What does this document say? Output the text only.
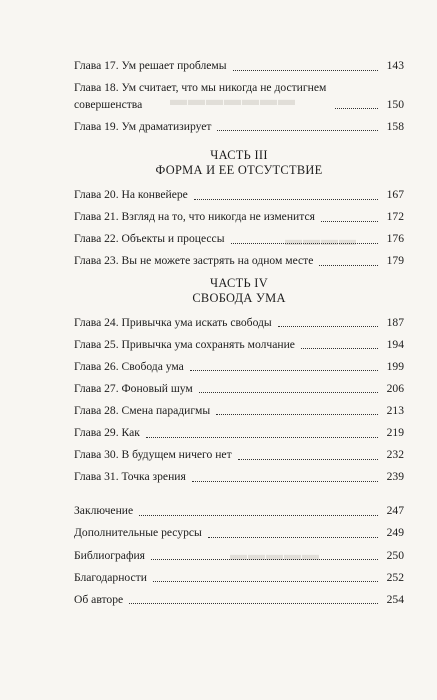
▬▬▬▬▬▬▬
▬▬▬▬
▬▬▬▬▬
Глава 17. Ум решает проблемы	143
Глава 18. Ум считает, что мы никогда не достигнем совершенства	150
Глава 19. Ум драматизирует	158
ЧАСТЬ III
ФОРМА И ЕЕ ОТСУТСТВИЕ
Глава 20. На конвейере	167
Глава 21. Взгляд на то, что никогда не изменится	172
Глава 22. Объекты и процессы	176
Глава 23. Вы не можете застрять на одном месте	179
ЧАСТЬ IV
СВОБОДА УМА
Глава 24. Привычка ума искать свободы	187
Глава 25. Привычка ума сохранять молчание	194
Глава 26. Свобода ума	199
Глава 27. Фоновый шум	206
Глава 28. Смена парадигмы	213
Глава 29. Как	219
Глава 30. В будущем ничего нет	232
Глава 31. Точка зрения	239
Заключение	247
Дополнительные ресурсы	249
Библиография	250
Благодарности	252
Об авторе	254
